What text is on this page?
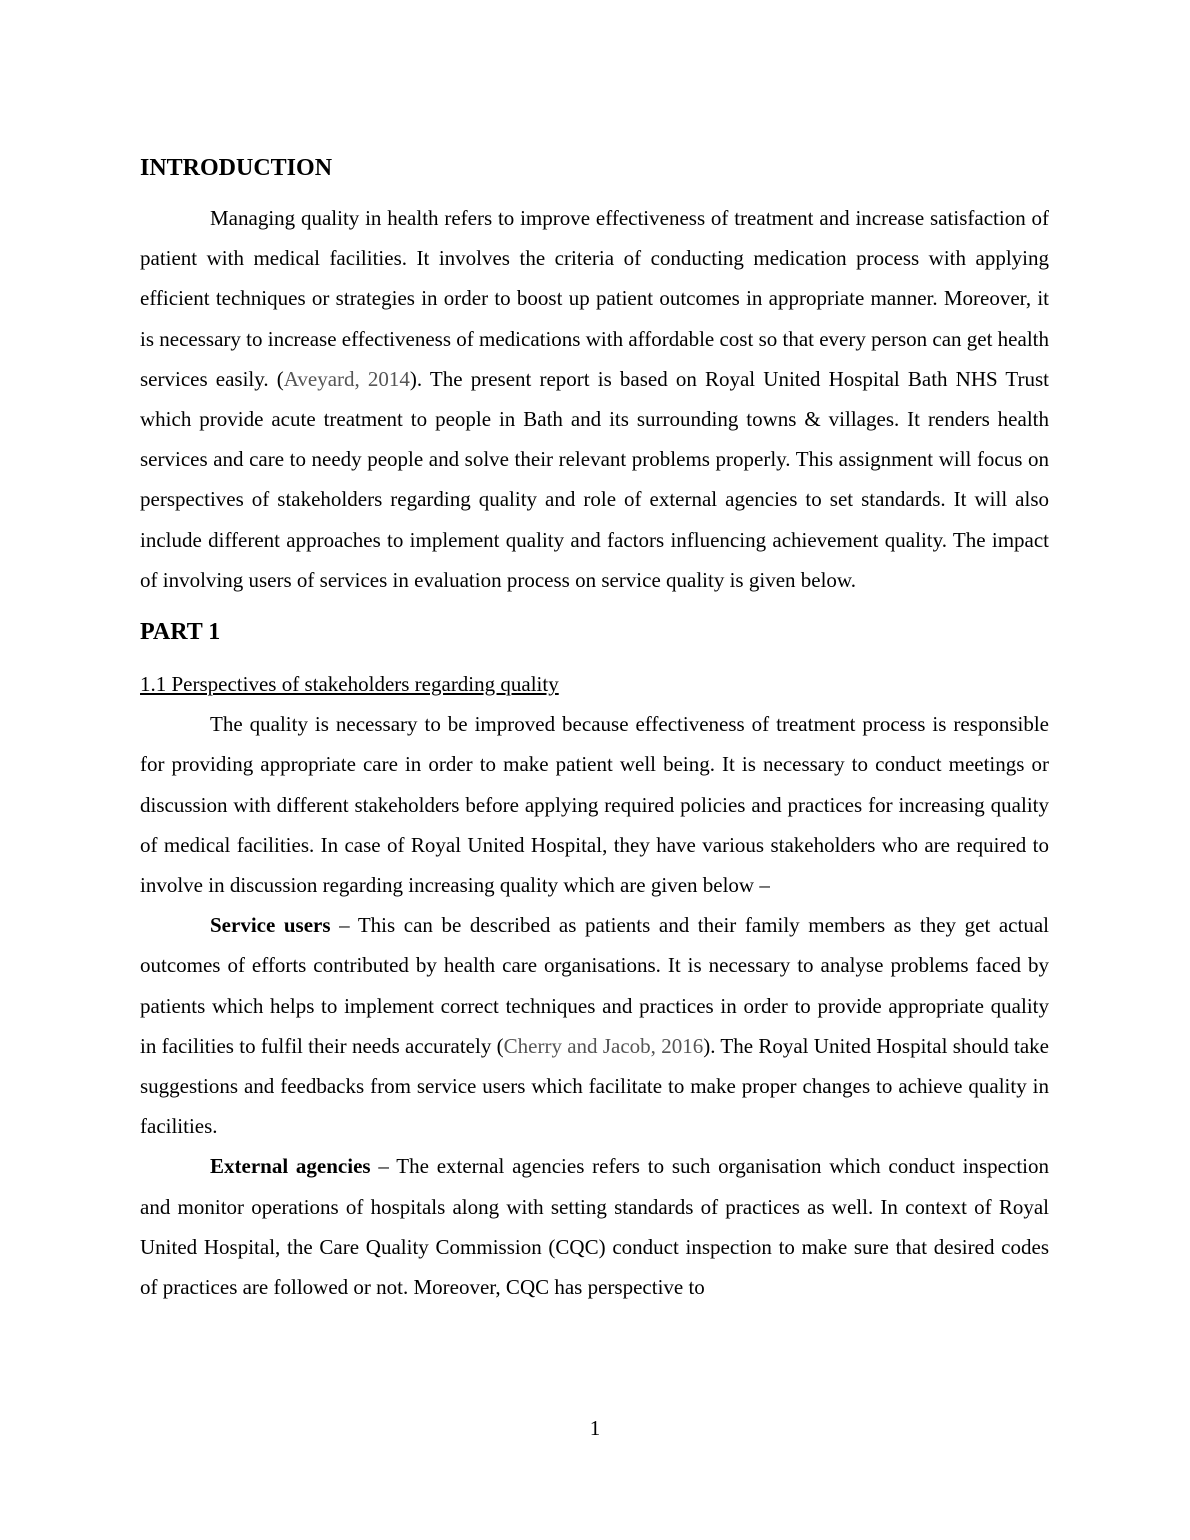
INTRODUCTION

Managing quality in health refers to improve effectiveness of treatment and increase satisfaction of patient with medical facilities. It involves the criteria of conducting medication process with applying efficient techniques or strategies in order to boost up patient outcomes in appropriate manner. Moreover, it is necessary to increase effectiveness of medications with affordable cost so that every person can get health services easily. (Aveyard, 2014). The present report is based on Royal United Hospital Bath NHS Trust which provide acute treatment to people in Bath and its surrounding towns & villages. It renders health services and care to needy people and solve their relevant problems properly. This assignment will focus on perspectives of stakeholders regarding quality and role of external agencies to set standards. It will also include different approaches to implement quality and factors influencing achievement quality. The impact of involving users of services in evaluation process on service quality is given below.

PART 1
1.1 Perspectives of stakeholders regarding quality

The quality is necessary to be improved because effectiveness of treatment process is responsible for providing appropriate care in order to make patient well being. It is necessary to conduct meetings or discussion with different stakeholders before applying required policies and practices for increasing quality of medical facilities. In case of Royal United Hospital, they have various stakeholders who are required to involve in discussion regarding increasing quality which are given below –

Service users – This can be described as patients and their family members as they get actual outcomes of efforts contributed by health care organisations. It is necessary to analyse problems faced by patients which helps to implement correct techniques and practices in order to provide appropriate quality in facilities to fulfil their needs accurately (Cherry and Jacob, 2016). The Royal United Hospital should take suggestions and feedbacks from service users which facilitate to make proper changes to achieve quality in facilities.

External agencies – The external agencies refers to such organisation which conduct inspection and monitor operations of hospitals along with setting standards of practices as well. In context of Royal United Hospital, the Care Quality Commission (CQC) conduct inspection to make sure that desired codes of practices are followed or not. Moreover, CQC has perspective to

1
